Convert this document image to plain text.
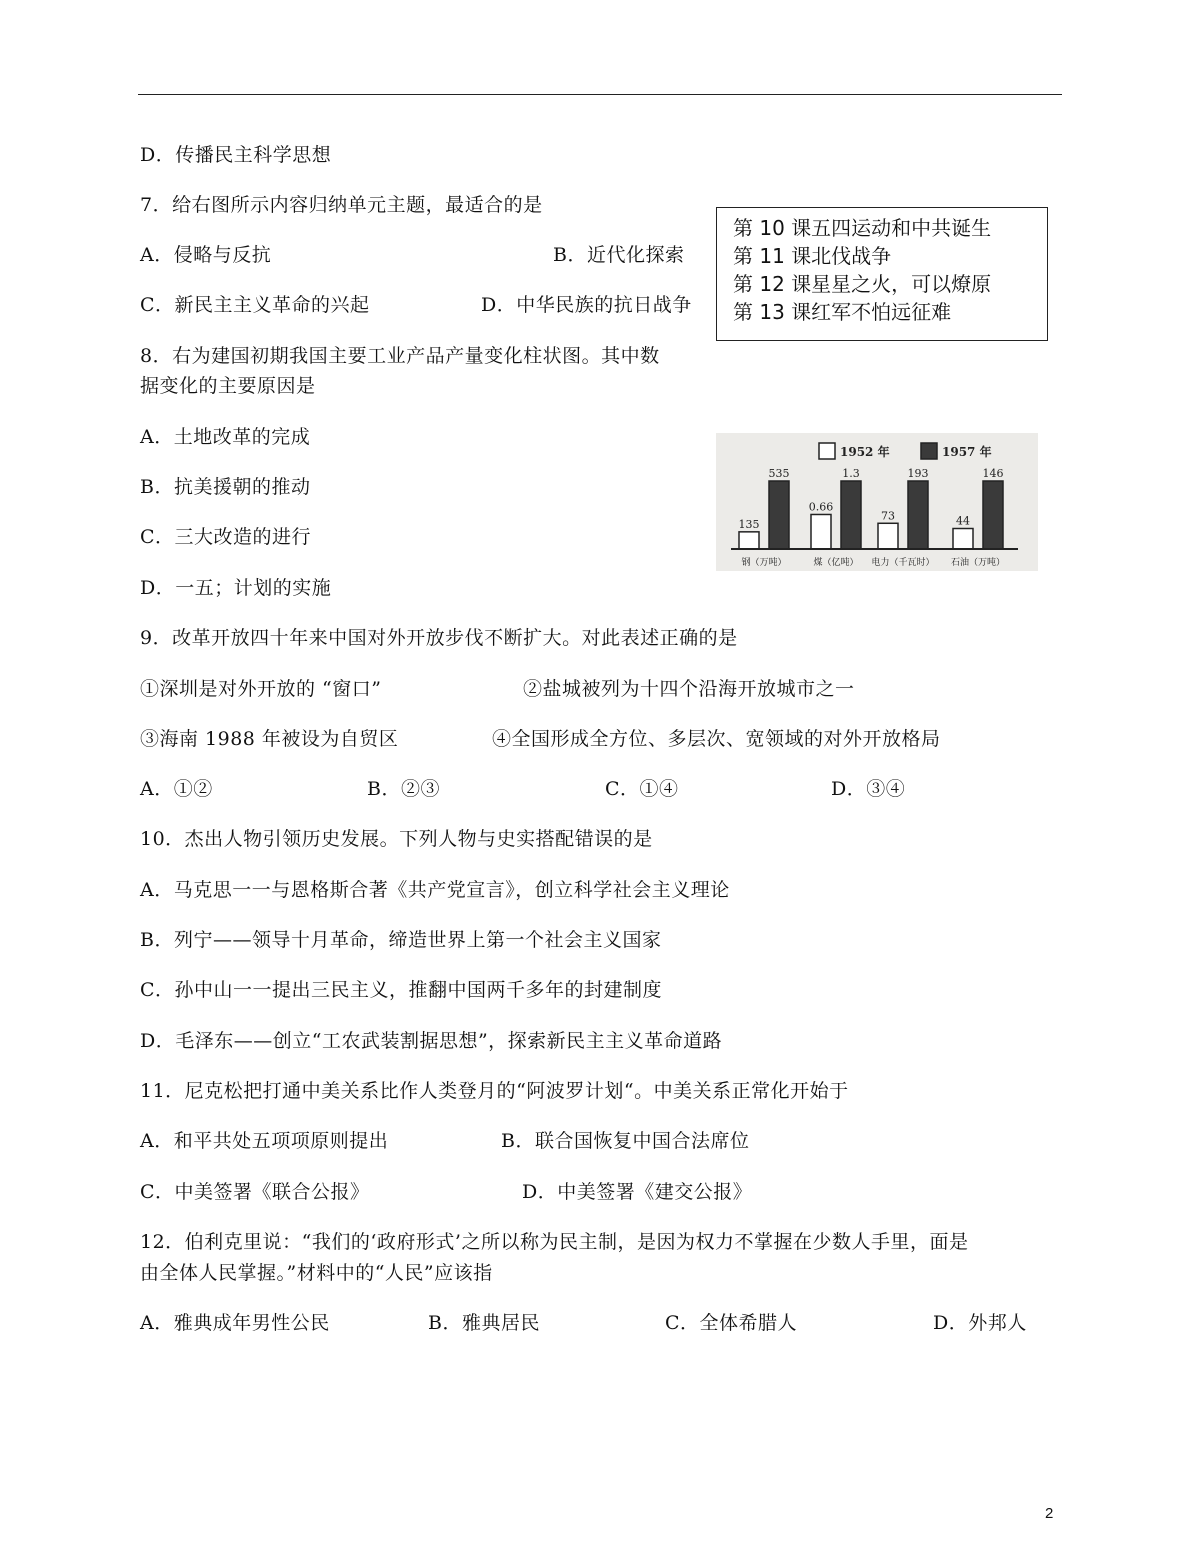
D．传播民主科学思想
7．给右图所示内容归纳单元主题，最适合的是
A．侵略与反抗	B．近代化探索
C．新民主主义革命的兴起	D．中华民族的抗日战争
第 10 课五四运动和中共诞生
第 11 课北伐战争
第 12 课星星之火，可以燎原
第 13 课红军不怕远征难
8．右为建国初期我国主要工业产品产量变化柱状图。其中数
据变化的主要原因是
A．土地改革的完成
B．抗美援朝的推动
C．三大改造的进行
D．一五；计划的实施
1952 年	1957 年
135
535
钢（万吨）
0.66
1.3
煤（亿吨）
73
193
电力（千瓦时）
44
146
石油（万吨）
9．改革开放四十年来中国对外开放步伐不断扩大。对此表述正确的是
①深圳是对外开放的 “窗口”	②盐城被列为十四个沿海开放城市之一
③海南 1988 年被设为自贸区	④全国形成全方位、多层次、宽领域的对外开放格局
A．①②	B．②③	C．①④	D．③④
10．杰出人物引领历史发展。下列人物与史实搭配错误的是
A．马克思一一与恩格斯合著《共产党宣言》，创立科学社会主义理论
B．列宁——领导十月革命，缔造世界上第一个社会主义国家
C．孙中山一一提出三民主义，推翻中国两千多年的封建制度
D．毛泽东——创立“工农武装割据思想”，探索新民主主义革命道路
11．尼克松把打通中美关系比作人类登月的“阿波罗计划“。中美关系正常化开始于
A．和平共处五项项原则提出	B．联合国恢复中国合法席位
C．中美签署《联合公报》	D．中美签署《建交公报》
12．伯利克里说：“我们的‘政府形式’之所以称为民主制，是因为权力不掌握在少数人手里，面是
由全体人民掌握。”材料中的“人民”应该指
A．雅典成年男性公民	B．雅典居民	C．全体希腊人	D．外邦人
2
